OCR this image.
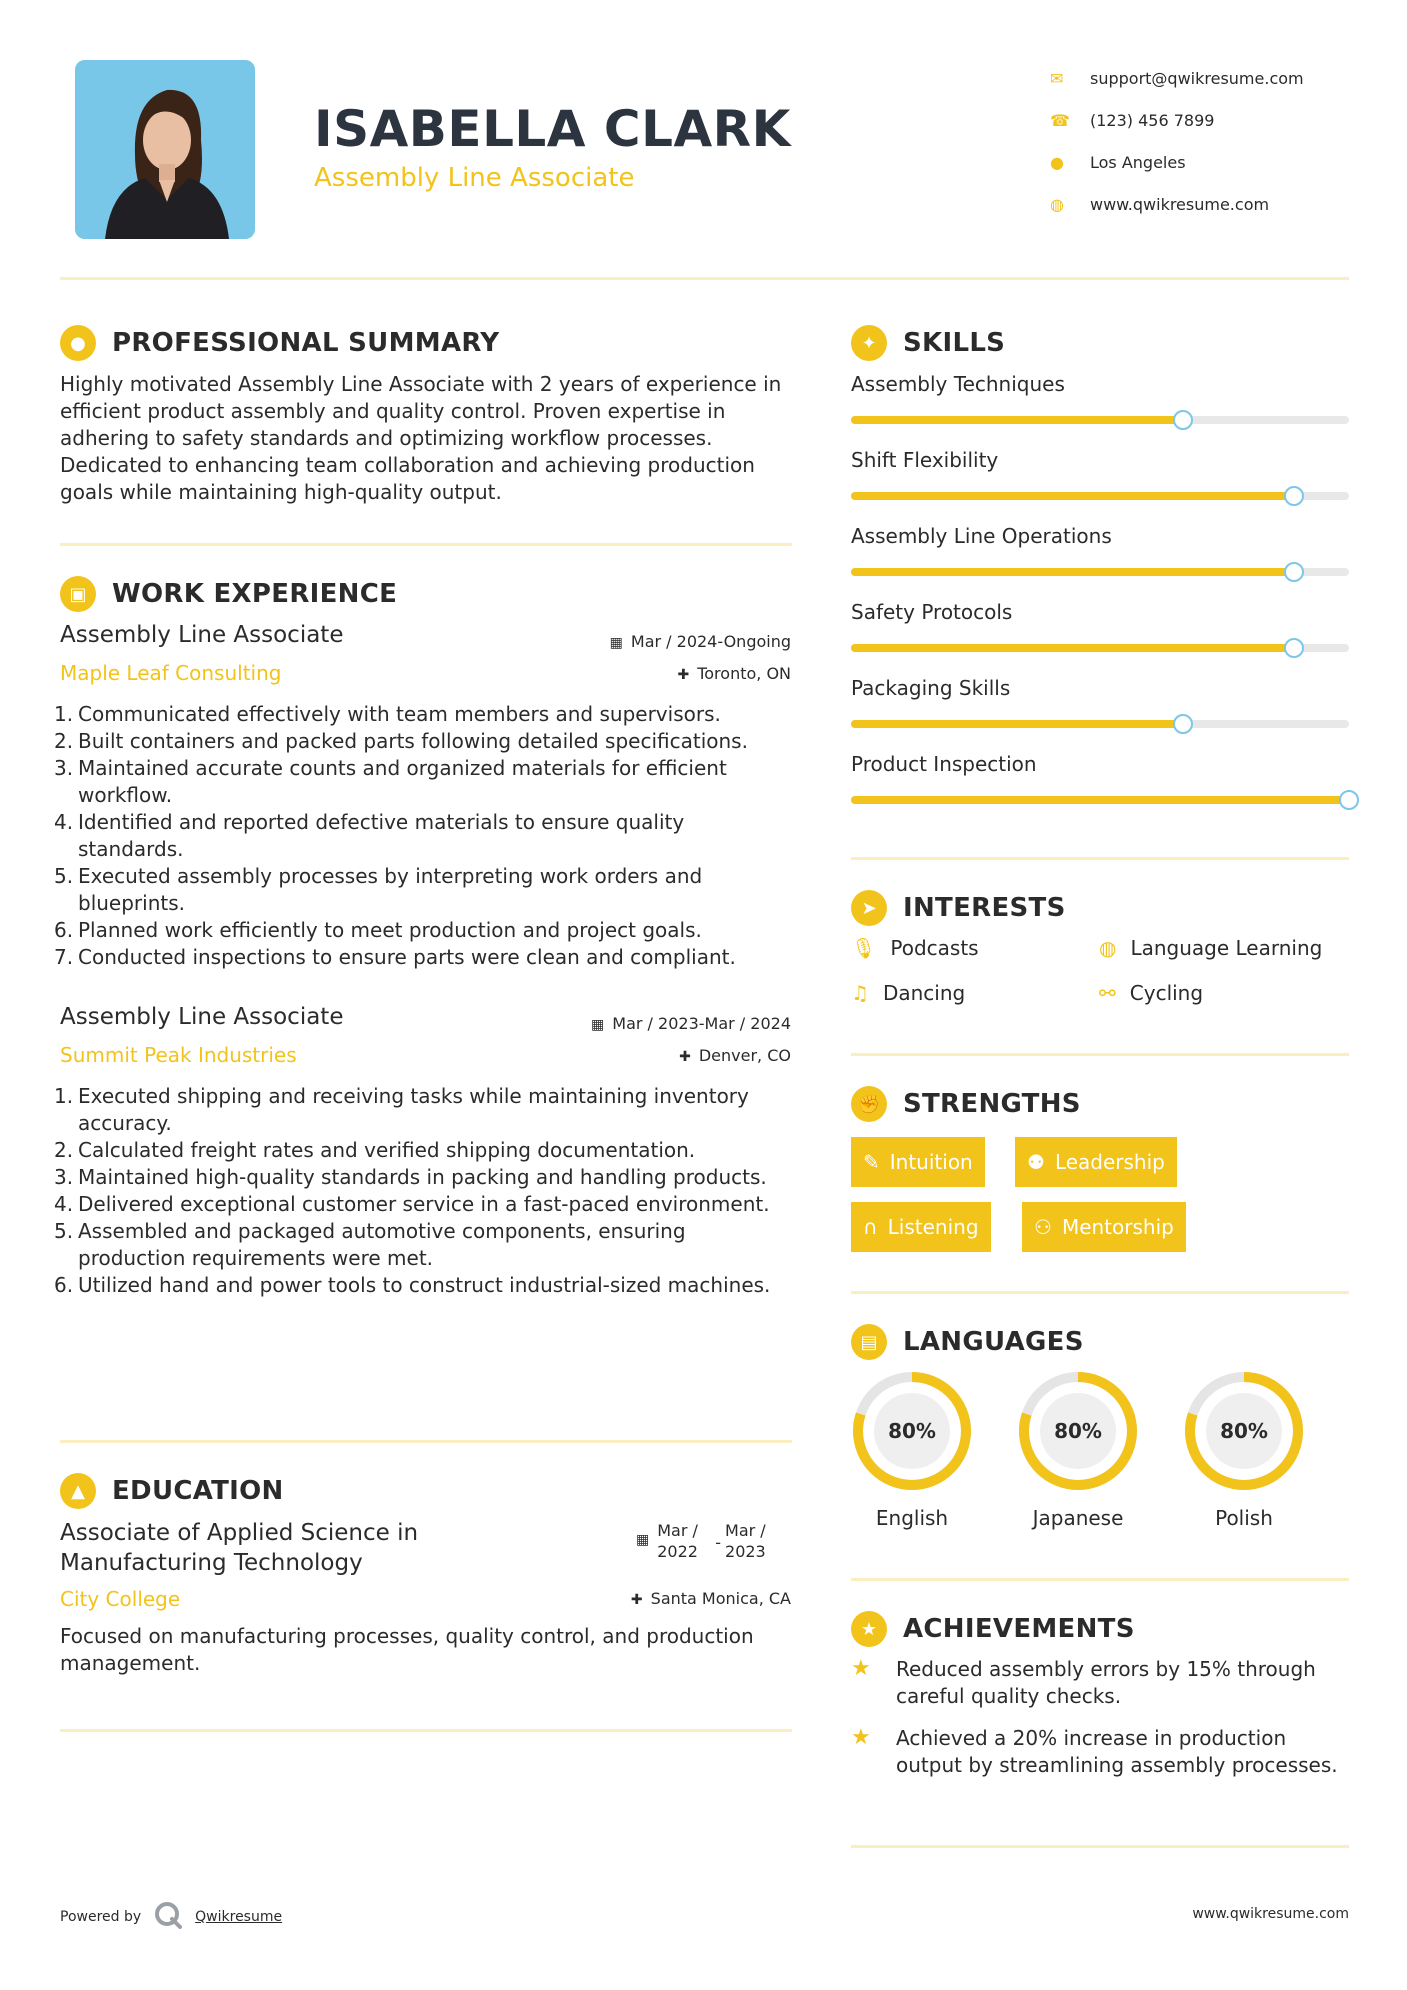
ISABELLA CLARK
Assembly Line Associate
✉	support@qwikresume.com
☎	(123) 456 7899
●	Los Angeles
◍	www.qwikresume.com
●	PROFESSIONAL SUMMARY
Highly motivated Assembly Line Associate with 2 years of experience in efficient product assembly and quality control. Proven expertise in adhering to safety standards and optimizing workflow processes. Dedicated to enhancing team collaboration and achieving production goals while maintaining high-quality output.
▣ WORK EXPERIENCE
Assembly Line Associate	▦ Mar / 2024-Ongoing
Maple Leaf Consulting	✚ Toronto, ON
1. Communicated effectively with team members and supervisors.
2. Built containers and packed parts following detailed specifications.
3. Maintained accurate counts and organized materials for efficient workflow.
4. Identified and reported defective materials to ensure quality standards.
5. Executed assembly processes by interpreting work orders and blueprints.
6. Planned work efficiently to meet production and project goals.
7. Conducted inspections to ensure parts were clean and compliant.
Assembly Line Associate	▦ Mar / 2023-Mar / 2024
Summit Peak Industries	✚ Denver, CO
1. Executed shipping and receiving tasks while maintaining inventory accuracy.
2. Calculated freight rates and verified shipping documentation.
3. Maintained high-quality standards in packing and handling products.
4. Delivered exceptional customer service in a fast-paced environment.
5. Assembled and packaged automotive components, ensuring production requirements were met.
6. Utilized hand and power tools to construct industrial-sized machines.
▲	EDUCATION
Associate of Applied Science in Manufacturing Technology
▦ Mar / 2022	-
Mar / 2023
City College	✚ Santa Monica, CA
Focused on manufacturing processes, quality control, and production management.
✦	SKILLS
Assembly Techniques
Shift Flexibility
Assembly Line Operations
Safety Protocols
Packaging Skills
Product Inspection
➤	INTERESTS
🎙 Podcasts	◍ Language Learning
♫ Dancing	⚯ Cycling
✊ STRENGTHS
✎ Intuition	⚉ Leadership
∩ Listening	⚇ Mentorship
▤ LANGUAGES
80%
English
80%
Japanese
80%
Polish
★ ACHIEVEMENTS
★	Reduced assembly errors by 15% through careful quality checks.
★	Achieved a 20% increase in production output by streamlining assembly processes.
Powered by	Qwikresume	www.qwikresume.com
